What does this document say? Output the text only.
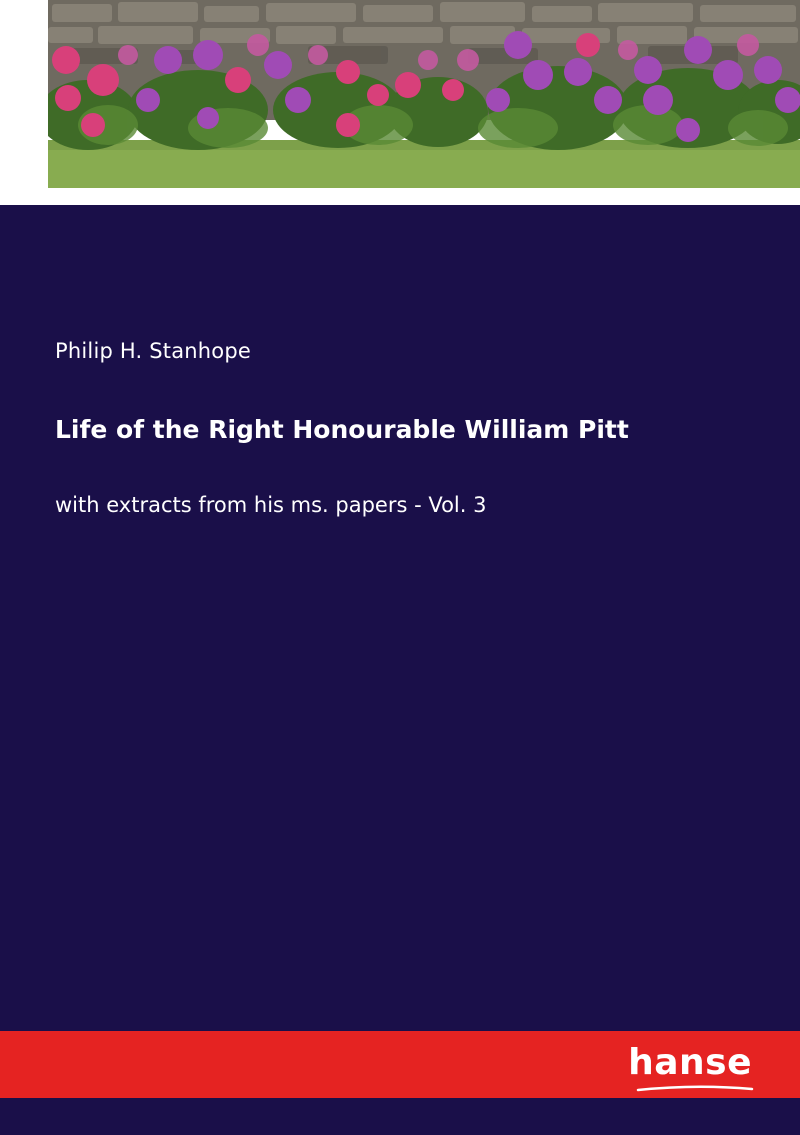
Philip H. Stanhope
Life of the Right Honourable William Pitt
with extracts from his ms. papers - Vol. 3
hanse
